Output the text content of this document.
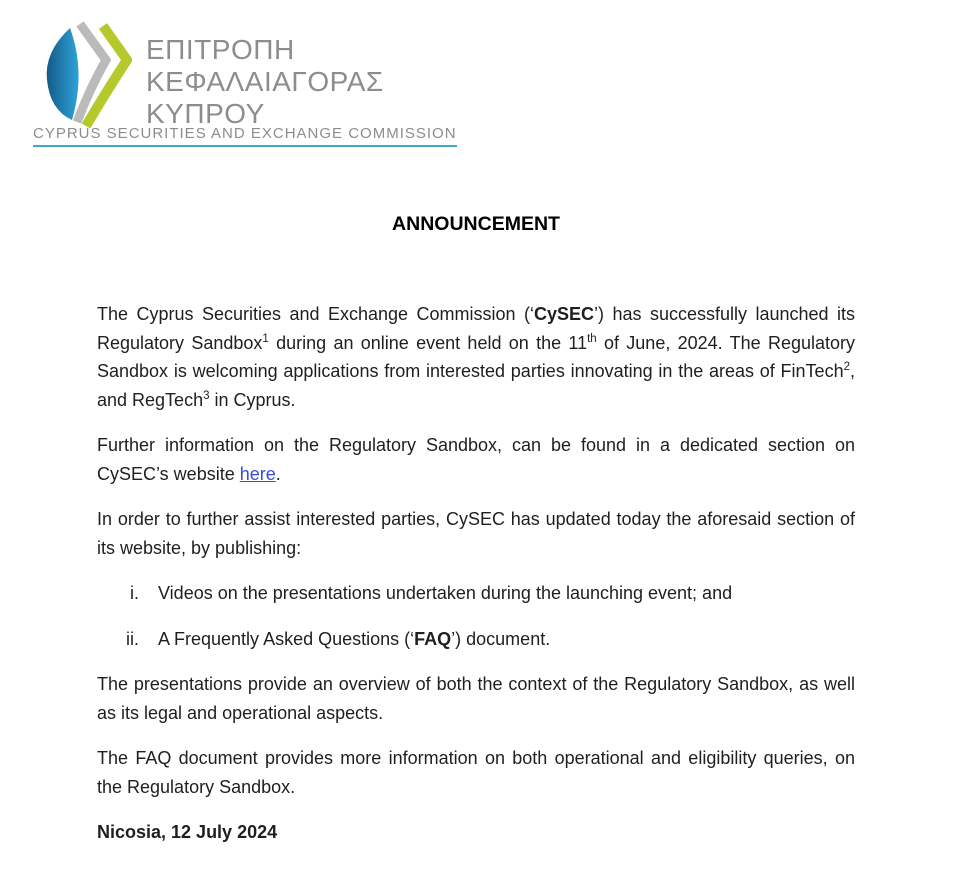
ΕΠΙΤΡΟΠΗ
ΚΕΦΑΛΑΙΑΓΟΡΑΣ
ΚΥΠΡΟΥ
CYPRUS SECURITIES AND EXCHANGE COMMISSION
ANNOUNCEMENT

The Cyprus Securities and Exchange Commission (‘CySEC’) has successfully launched its Regulatory Sandbox$^1$ during an online event held on the 11th of June, 2024. The Regulatory Sandbox is welcoming applications from interested parties innovating in the areas of FinTech$^2$, and RegTech$^3$ in Cyprus.

Further information on the Regulatory Sandbox, can be found in a dedicated section on CySEC’s website here.

In order to further assist interested parties, CySEC has updated today the aforesaid section of its website, by publishing:

i.	Videos on the presentations undertaken during the launching event; and
ii.	A Frequently Asked Questions (‘FAQ’) document.

The presentations provide an overview of both the context of the Regulatory Sandbox, as well as its legal and operational aspects.

The FAQ document provides more information on both operational and eligibility queries, on the Regulatory Sandbox.

Nicosia, 12 July 2024
